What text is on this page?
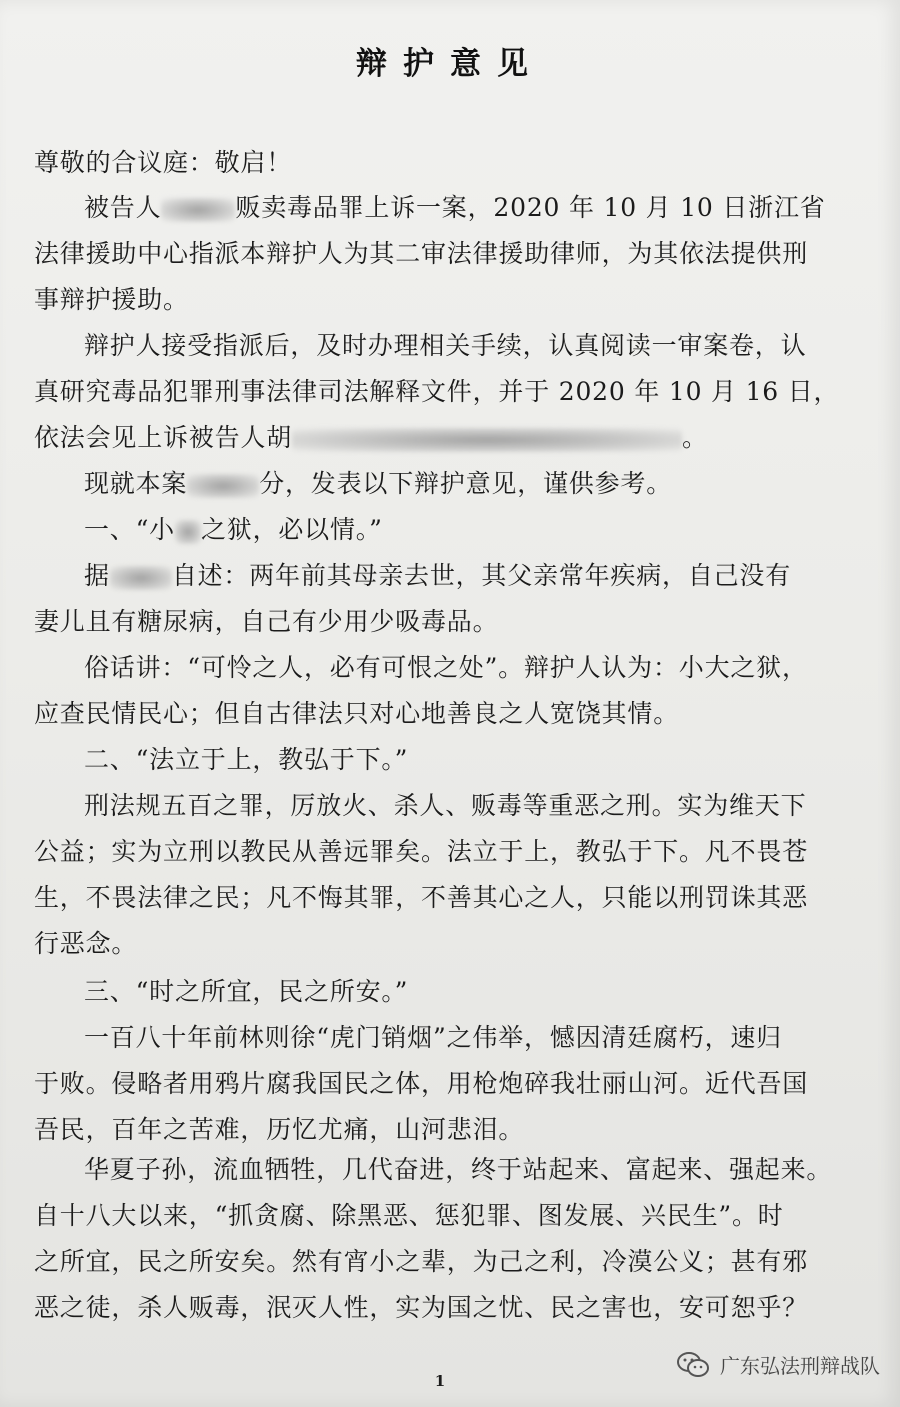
辩护意见
尊敬的合议庭：敬启！
被告人	贩卖毒品罪上诉一案，2020 年 10 月 10 日浙江省
法律援助中心指派本辩护人为其二审法律援助律师，为其依法提供刑
事辩护援助。
辩护人接受指派后，及时办理相关手续，认真阅读一审案卷，认
真研究毒品犯罪刑事法律司法解释文件，并于 2020 年 10 月 16 日，
依法会见上诉被告人胡	。
现就本案	分，发表以下辩护意见，谨供参考。
一、“小 之狱，必以情。”
据 自述：两年前其母亲去世，其父亲常年疾病，自己没有
妻儿且有糖尿病，自己有少用少吸毒品。
俗话讲：“可怜之人，必有可恨之处”。辩护人认为：小大之狱，
应查民情民心；但自古律法只对心地善良之人宽饶其情。
二、“法立于上，教弘于下。”
刑法规五百之罪，厉放火、杀人、贩毒等重恶之刑。实为维天下
公益；实为立刑以教民从善远罪矣。法立于上，教弘于下。凡不畏苍
生，不畏法律之民；凡不悔其罪，不善其心之人，只能以刑罚诛其恶
行恶念。
三、“时之所宜，民之所安。”
一百八十年前林则徐“虎门销烟”之伟举，憾因清廷腐朽，速归
于败。侵略者用鸦片腐我国民之体，用枪炮碎我壮丽山河。近代吾国
吾民，百年之苦难，历忆尤痛，山河悲泪。
华夏子孙，流血牺牲，几代奋进，终于站起来、富起来、强起来。
自十八大以来，“抓贪腐、除黑恶、惩犯罪、图发展、兴民生”。时
之所宜，民之所安矣。然有宵小之辈，为己之利，冷漠公义；甚有邪
恶之徒，杀人贩毒，泯灭人性，实为国之忧、民之害也，安可恕乎？
1
广东弘法刑辩战队
